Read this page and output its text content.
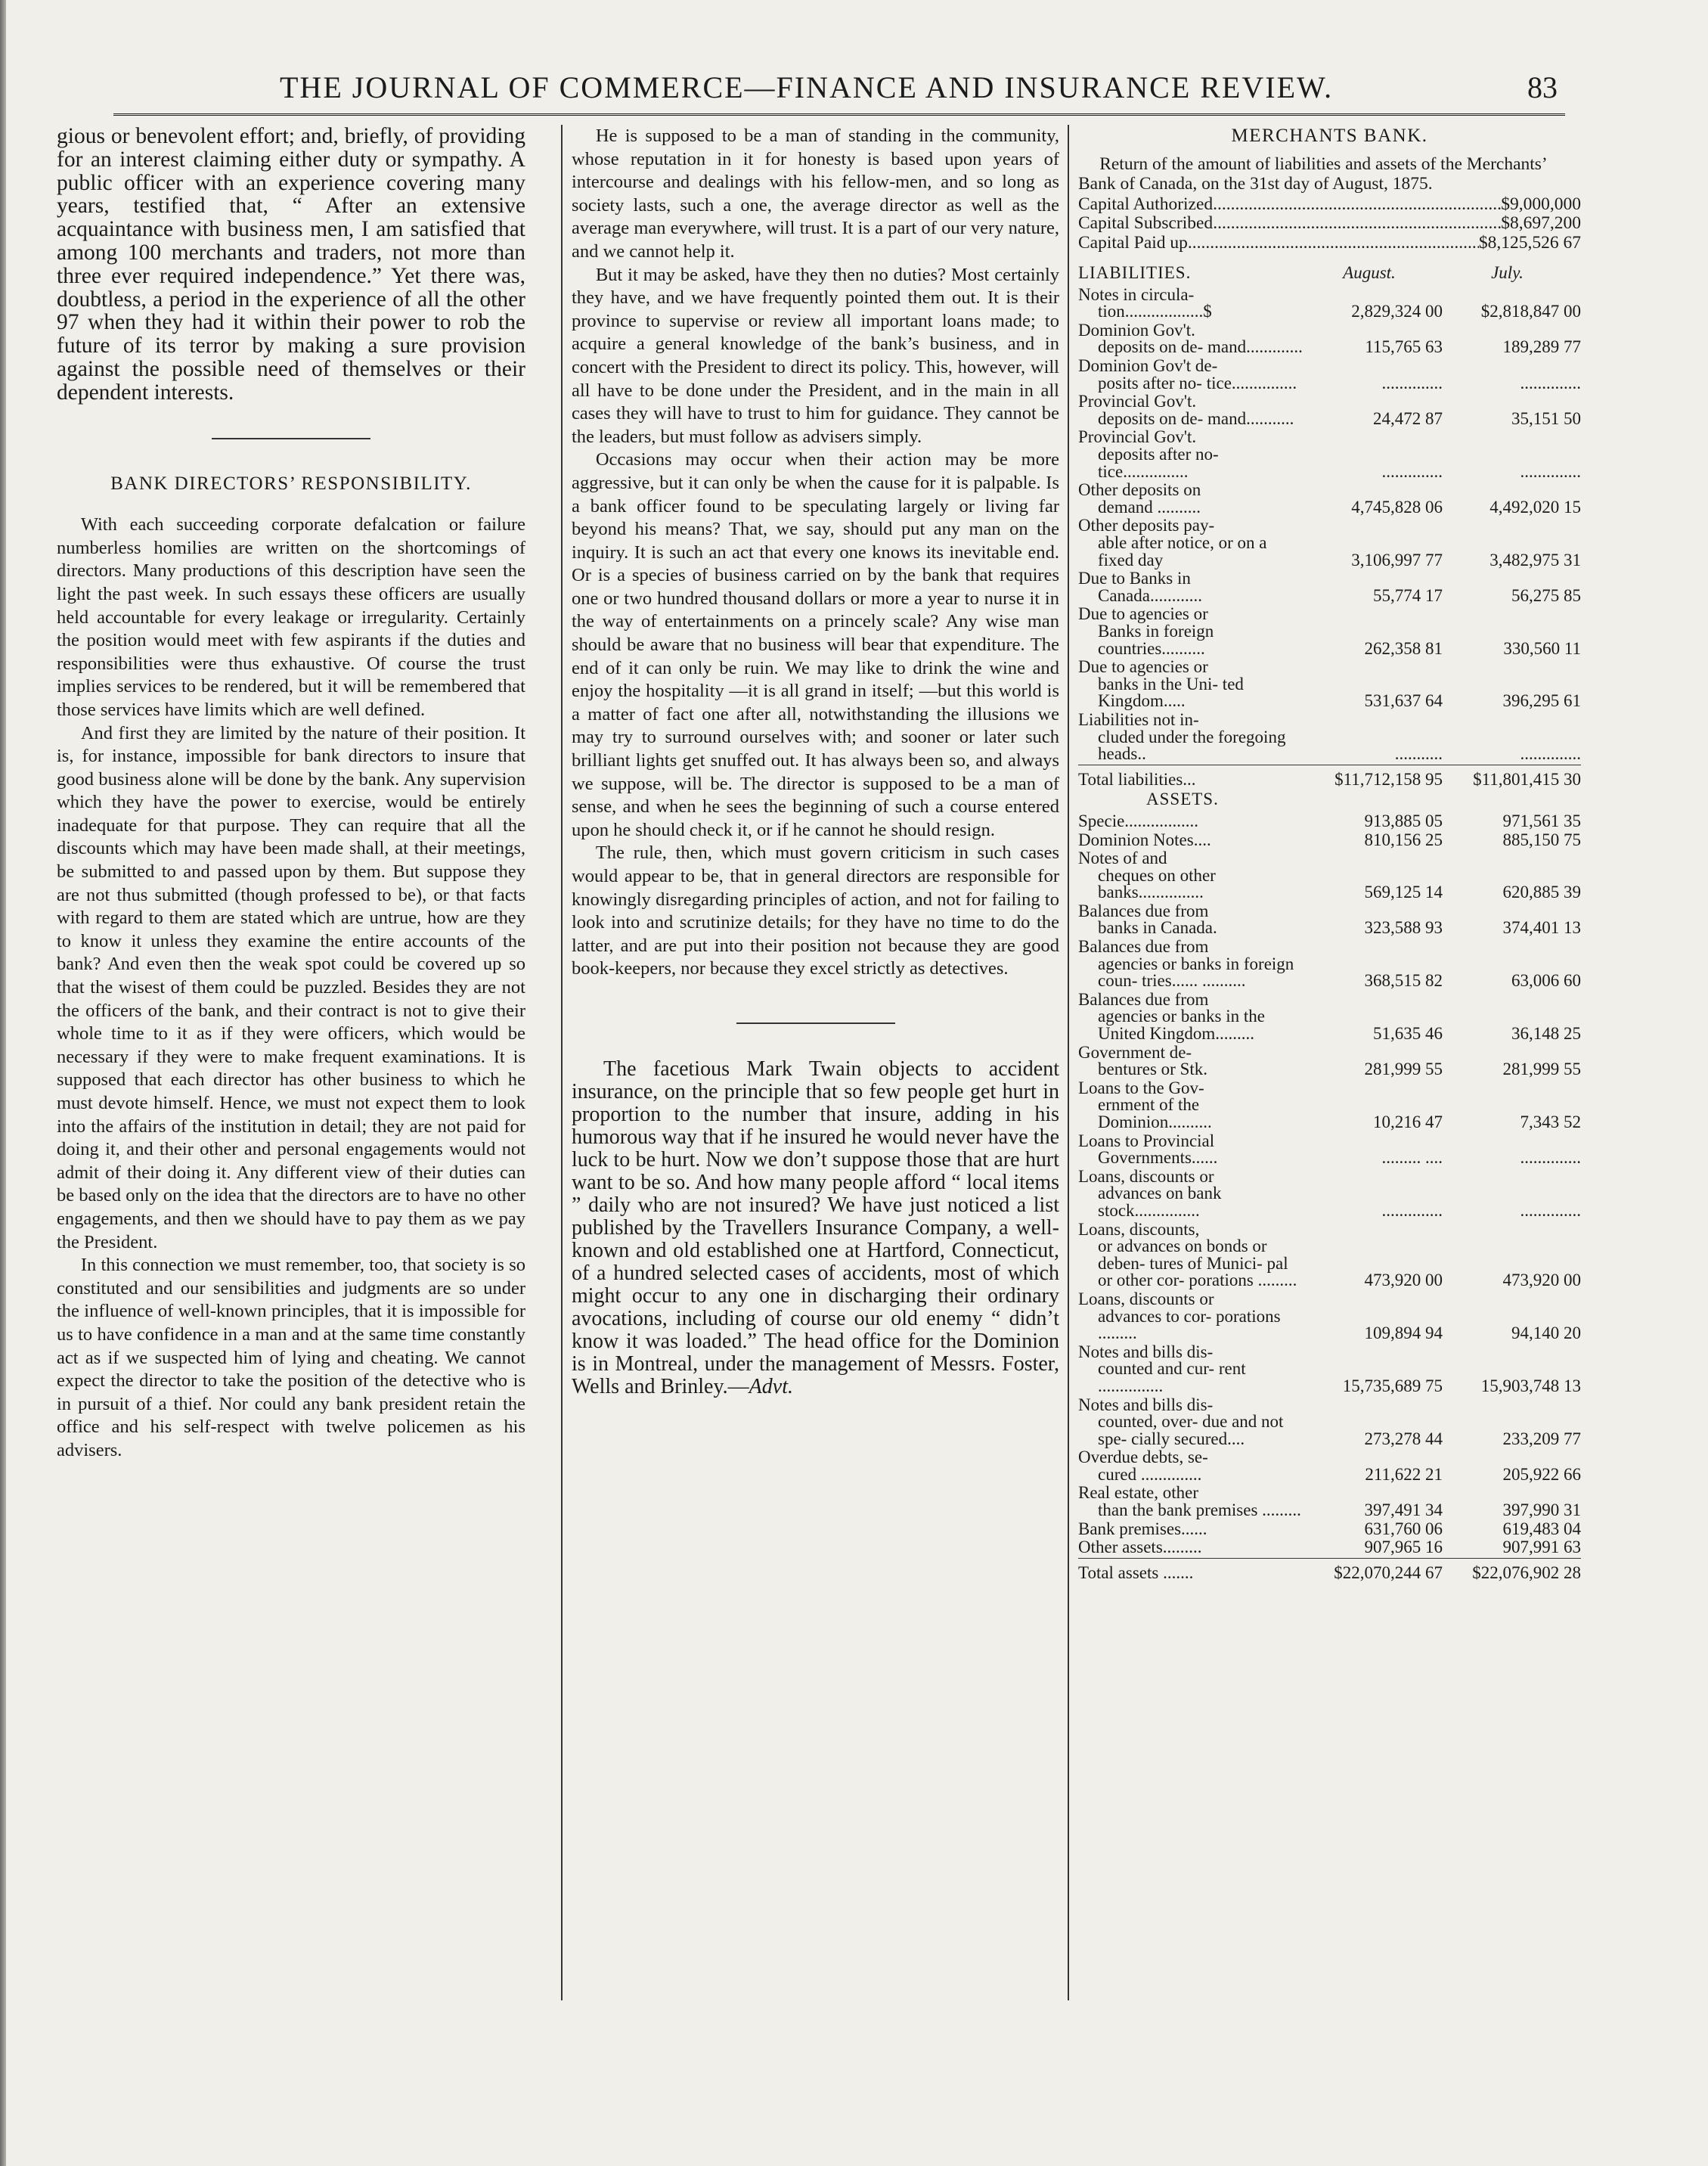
THE JOURNAL OF COMMERCE—FINANCE AND INSURANCE REVIEW.	83

gious or benevolent effort; and, briefly, of providing for an interest claiming either duty or sympathy. A public officer with an experience covering many years, testified that, “ After an extensive acquaintance with business men, I am satisfied that among 100 merchants and traders, not more than three ever required independence.” Yet there was, doubtless, a period in the experience of all the other 97 when they had it within their power to rob the future of its terror by making a sure provision against the possible need of themselves or their dependent interests.

BANK DIRECTORS’ RESPONSIBILITY.

With each succeeding corporate defalcation or failure numberless homilies are written on the shortcomings of directors. Many productions of this description have seen the light the past week. In such essays these officers are usually held accountable for every leakage or irregularity. Certainly the position would meet with few aspirants if the duties and responsibilities were thus exhaustive. Of course the trust implies services to be rendered, but it will be remembered that those services have limits which are well defined.

And first they are limited by the nature of their position. It is, for instance, impossible for bank directors to insure that good business alone will be done by the bank. Any supervision which they have the power to exercise, would be entirely inadequate for that purpose. They can require that all the discounts which may have been made shall, at their meetings, be submitted to and passed upon by them. But suppose they are not thus submitted (though professed to be), or that facts with regard to them are stated which are untrue, how are they to know it unless they examine the entire accounts of the bank? And even then the weak spot could be covered up so that the wisest of them could be puzzled. Besides they are not the officers of the bank, and their contract is not to give their whole time to it as if they were officers, which would be necessary if they were to make frequent examinations. It is supposed that each director has other business to which he must devote himself. Hence, we must not expect them to look into the affairs of the institution in detail; they are not paid for doing it, and their other and personal engagements would not admit of their doing it. Any different view of their duties can be based only on the idea that the directors are to have no other engagements, and then we should have to pay them as we pay the President.

In this connection we must remember, too, that society is so constituted and our sensibilities and judgments are so under the influence of well-known principles, that it is impossible for us to have confidence in a man and at the same time constantly act as if we suspected him of lying and cheating. We cannot expect the director to take the position of the detective who is in pursuit of a thief. Nor could any bank president retain the office and his self-respect with twelve policemen as his advisers.

He is supposed to be a man of standing in the community, whose reputation in it for honesty is based upon years of intercourse and dealings with his fellow-men, and so long as society lasts, such a one, the average director as well as the average man everywhere, will trust. It is a part of our very nature, and we cannot help it.

But it may be asked, have they then no duties? Most certainly they have, and we have frequently pointed them out. It is their province to supervise or review all important loans made; to acquire a general knowledge of the bank’s business, and in concert with the President to direct its policy. This, however, will all have to be done under the President, and in the main in all cases they will have to trust to him for guidance. They cannot be the leaders, but must follow as advisers simply.

Occasions may occur when their action may be more aggressive, but it can only be when the cause for it is palpable. Is a bank officer found to be speculating largely or living far beyond his means? That, we say, should put any man on the inquiry. It is such an act that every one knows its inevitable end. Or is a species of business carried on by the bank that requires one or two hundred thousand dollars or more a year to nurse it in the way of entertainments on a princely scale? Any wise man should be aware that no business will bear that expenditure. The end of it can only be ruin. We may like to drink the wine and enjoy the hospitality —it is all grand in itself; —but this world is a matter of fact one after all, notwithstanding the illusions we may try to surround ourselves with; and sooner or later such brilliant lights get snuffed out. It has always been so, and always we suppose, will be. The director is supposed to be a man of sense, and when he sees the beginning of such a course entered upon he should check it, or if he cannot he should resign.

The rule, then, which must govern criticism in such cases would appear to be, that in general directors are responsible for knowingly disregarding principles of action, and not for failing to look into and scrutinize details; for they have no time to do the latter, and are put into their position not because they are good book-keepers, nor because they excel strictly as detectives.

The facetious Mark Twain objects to accident insurance, on the principle that so few people get hurt in proportion to the number that insure, adding in his humorous way that if he insured he would never have the luck to be hurt. Now we don’t suppose those that are hurt want to be so. And how many people afford “ local items ” daily who are not insured? We have just noticed a list published by the Travellers Insurance Company, a well-known and old established one at Hartford, Connecticut, of a hundred selected cases of accidents, most of which might occur to any one in discharging their ordinary avocations, including of course our old enemy “ didn’t know it was loaded.” The head office for the Dominion is in Montreal, under the management of Messrs. Foster, Wells and Brinley.—Advt.

MERCHANTS BANK.
Return of the amount of liabilities and assets of the Merchants’ Bank of Canada, on the 31st day of August, 1875.
Capital Authorized .....	$9,000,000
Capital Subscribed .....	$8,697,200
Capital Paid up .....	$8,125,526 67
LIABILITIES.	August.	July.
Notes in circula-
tion..................$	2,829,324 00	$2,818,847 00
Dominion Gov't.
deposits on de- mand.............	115,765 63	189,289 77
Dominion Gov't de-
posits after no- tice...............	..............	..............
Provincial Gov't.
deposits on de- mand...........	24,472 87	35,151 50
Provincial Gov't.
deposits after no- tice...............	..............	..............
Other deposits on
demand ..........	4,745,828 06	4,492,020 15
Other deposits pay-
able after notice, or on a fixed day	3,106,997 77	3,482,975 31
Due to Banks in
Canada............	55,774 17	56,275 85
Due to agencies or
Banks in foreign countries..........	262,358 81	330,560 11
Due to agencies or
banks in the Uni- ted Kingdom.....	531,637 64	396,295 61
Liabilities not in-
cluded under the foregoing heads..	...........	..............
Total liabilities...	$11,712,158 95	$11,801,415 30
ASSETS.		
Specie.................	913,885 05	971,561 35
Dominion Notes....	810,156 25	885,150 75
Notes of and
cheques on other banks...............	569,125 14	620,885 39
Balances due from
banks in Canada.	323,588 93	374,401 13
Balances due from
agencies or banks in foreign coun- tries...... ..........	368,515 82	63,006 60
Balances due from
agencies or banks in the United Kingdom.........	51,635 46	36,148 25
Government de-
bentures or Stk.	281,999 55	281,999 55
Loans to the Gov-
ernment of the Dominion..........	10,216 47	7,343 52
Loans to Provincial
Governments......	......... ....	..............
Loans, discounts or
advances on bank stock...............	..............	..............
Loans, discounts,
or advances on bonds or deben- tures of Munici- pal or other cor- porations .........	473,920 00	473,920 00
Loans, discounts or
advances to cor- porations .........	109,894 94	94,140 20
Notes and bills dis-
counted and cur- rent ...............	15,735,689 75	15,903,748 13
Notes and bills dis-
counted, over- due and not spe- cially secured....	273,278 44	233,209 77
Overdue debts, se-
cured ..............	211,622 21	205,922 66
Real estate, other
than the bank premises .........	397,491 34	397,990 31
Bank premises......	631,760 06	619,483 04
Other assets.........	907,965 16	907,991 63
Total assets .......	$22,070,244 67	$22,076,902 28
